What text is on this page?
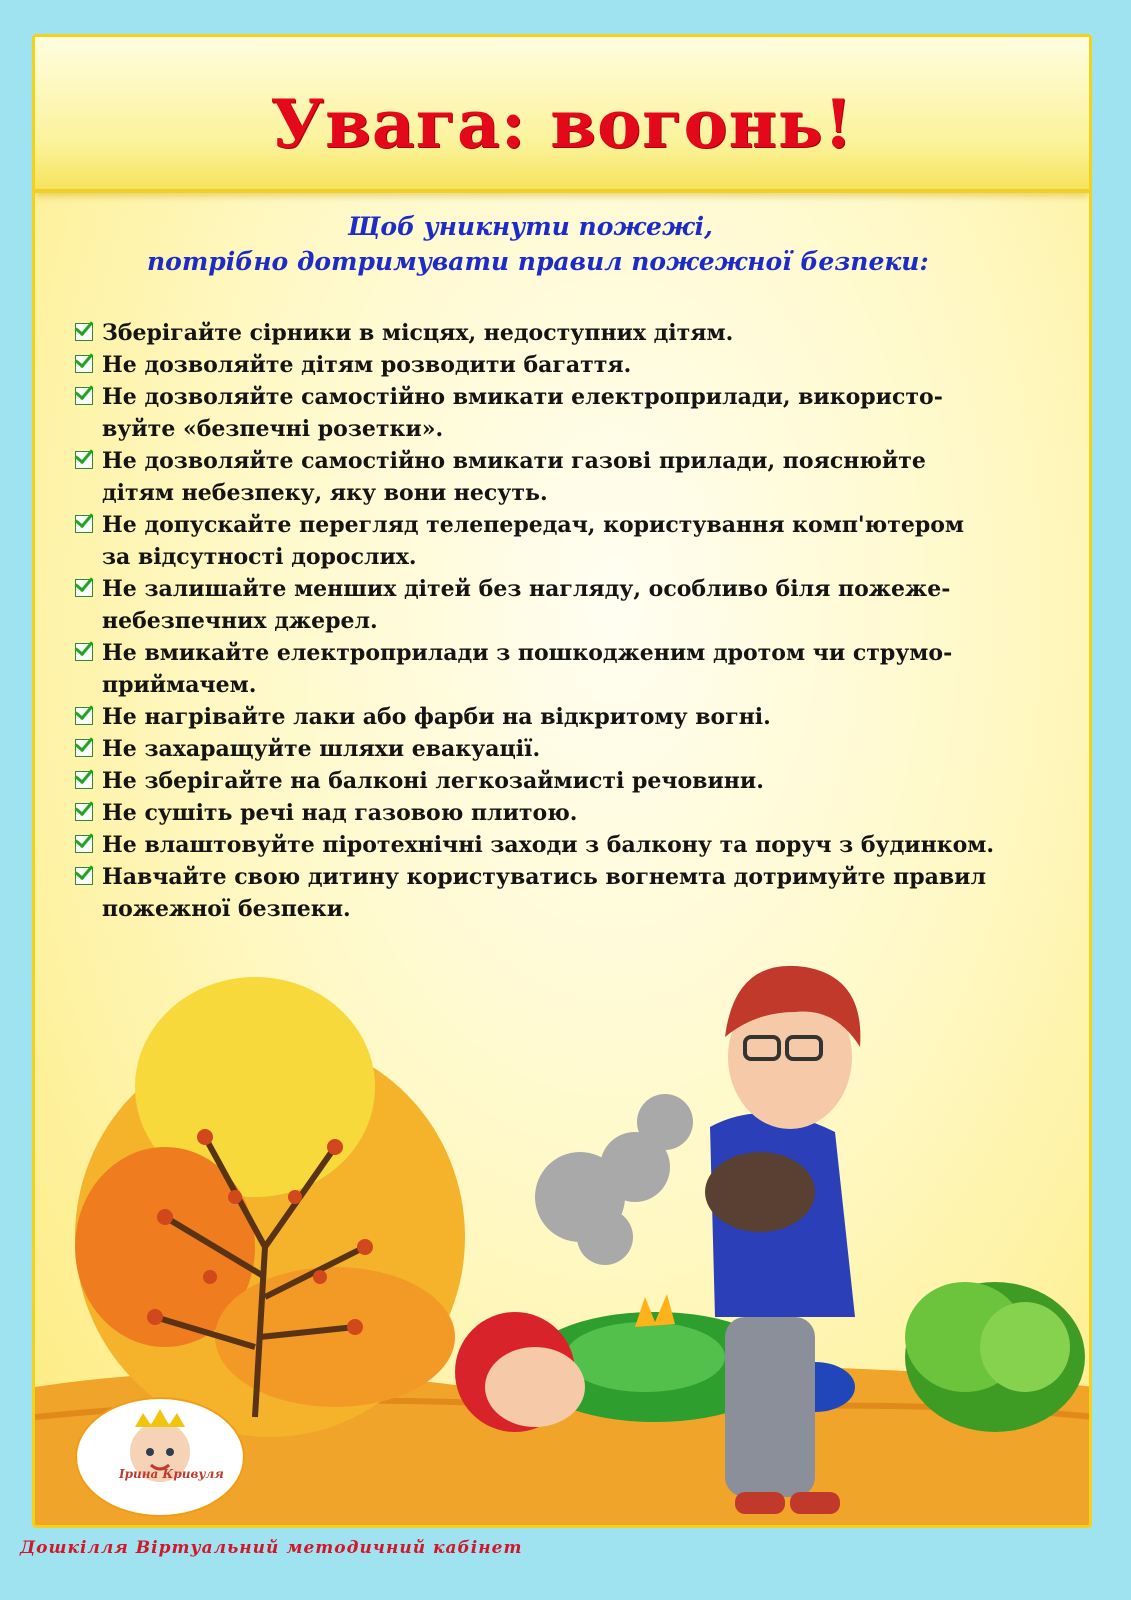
Увага: вогонь!
Щоб уникнути пожежі,
потрібно дотримувати правил пожежної безпеки:
Зберігайте сірники в місцях, недоступних дітям.
Не дозволяйте дітям розводити багаття.
Не дозволяйте самостійно вмикати електроприлади, використо-
вуйте «безпечні розетки».
Не дозволяйте самостійно вмикати газові прилади, пояснюйте
дітям небезпеку, яку вони несуть.
Не допускайте перегляд телепередач, користування комп'ютером
за відсутності дорослих.
Не залишайте менших дітей без нагляду, особливо біля пожеже-
небезпечних джерел.
Не вмикайте електроприлади з пошкодженим дротом чи струмо-
приймачем.
Не нагрівайте лаки або фарби на відкритому вогні.
Не захаращуйте шляхи евакуації.
Не зберігайте на балконі легкозаймисті речовини.
Не сушіть речі над газовою плитою.
Не влаштовуйте піротехнічні заходи з балкону та поруч з будинком.
Навчайте свою дитину користуватись вогнемта дотримуйте правил
пожежної безпеки.
Ірина Кривуля
Дошкілля Віртуальний методичний кабінет
